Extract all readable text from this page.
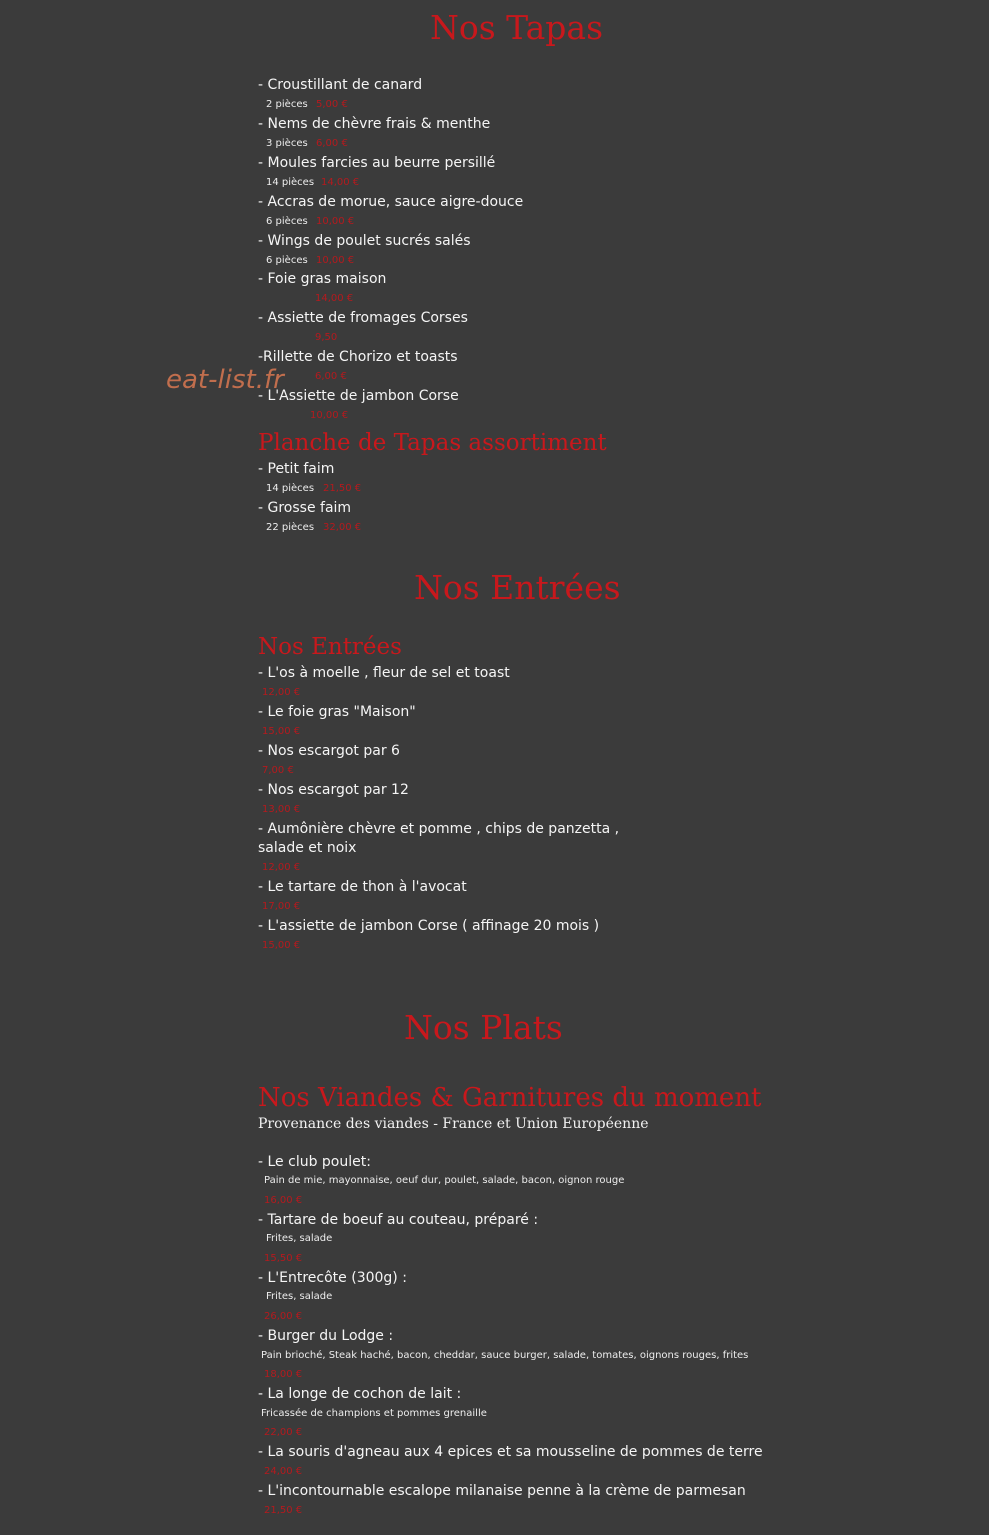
Nos Tapas
- Croustillant de canard
2 pièces 5,00 €
- Nems de chèvre frais & menthe
3 pièces 6,00 €
- Moules farcies au beurre persillé
14 pièces 14,00 €
- Accras de morue, sauce aigre-douce
6 pièces 10,00 €
- Wings de poulet sucrés salés
6 pièces 10,00 €
- Foie gras maison
14,00 €
- Assiette de fromages Corses
9,50
-Rillette de Chorizo et toasts
6,00 €
- L'Assiette de jambon Corse
10,00 €
eat-list.fr
Planche de Tapas assortiment
- Petit faim
14 pièces 21,50 €
- Grosse faim
22 pièces 32,00 €
Nos Entrées
Nos Entrées
- L'os à moelle , fleur de sel et toast
12,00 €
- Le foie gras "Maison"
15,00 €
- Nos escargot par 6
7,00 €
- Nos escargot par 12
13,00 €
- Aumônière chèvre et pomme , chips de panzetta ,
salade et noix
12,00 €
- Le tartare de thon à l'avocat
17,00 €
- L'assiette de jambon Corse ( affinage 20 mois )
15,00 €
Nos Plats
Nos Viandes & Garnitures du moment
Provenance des viandes - France et Union Européenne
- Le club poulet:
Pain de mie, mayonnaise, oeuf dur, poulet, salade, bacon, oignon rouge
16,00 €
- Tartare de boeuf au couteau, préparé :
Frites, salade
15,50 €
- L'Entrecôte (300g) :
Frites, salade
26,00 €
- Burger du Lodge :
Pain brioché, Steak haché, bacon, cheddar, sauce burger, salade, tomates, oignons rouges, frites
18,00 €
- La longe de cochon de lait :
Fricassée de champions et pommes grenaille
22,00 €
- La souris d'agneau aux 4 epices et sa mousseline de pommes de terre
24,00 €
- L'incontournable escalope milanaise penne à la crème de parmesan
21,50 €
